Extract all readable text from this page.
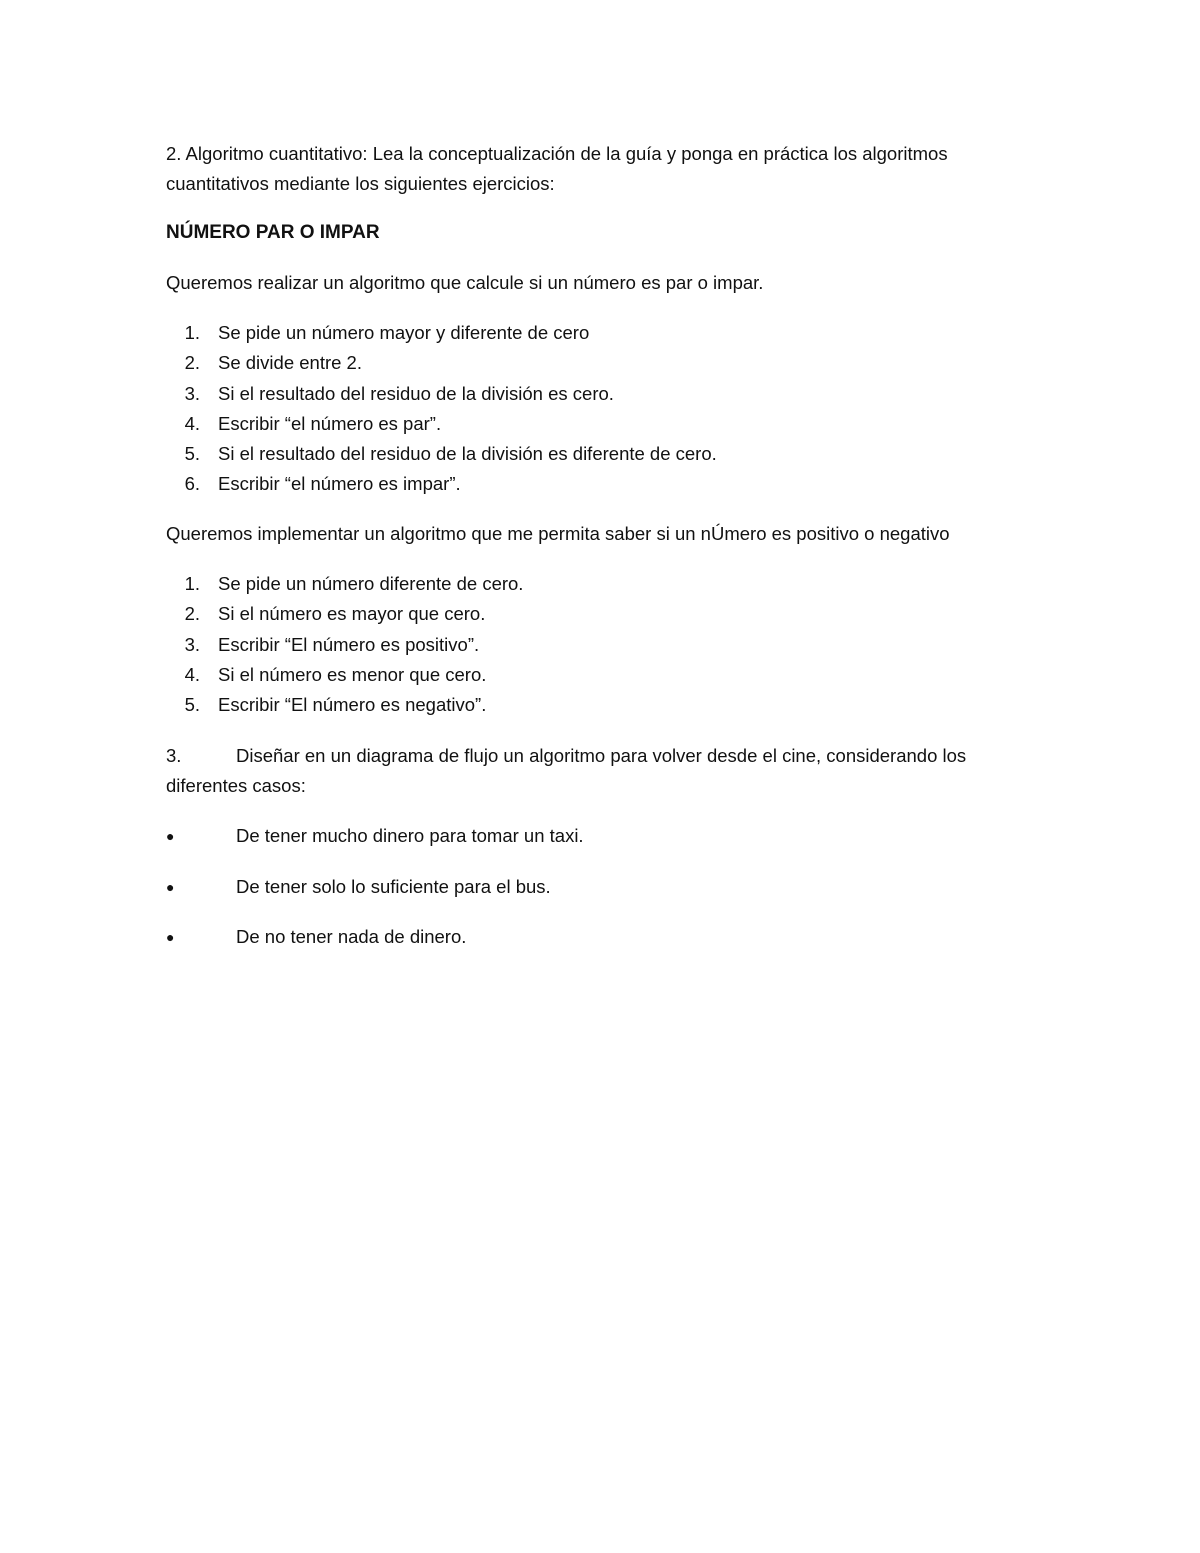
2. Algoritmo cuantitativo: Lea la conceptualización de la guía y ponga en práctica los algoritmos
cuantitativos mediante los siguientes ejercicios:
NÚMERO PAR O IMPAR
Queremos realizar un algoritmo que calcule si un número es par o impar.
1. Se pide un número mayor y diferente de cero
2. Se divide entre 2.
3. Si el resultado del residuo de la división es cero.
4. Escribir “el número es par”.
5. Si el resultado del residuo de la división es diferente de cero.
6. Escribir “el número es impar”.
Queremos implementar un algoritmo que me permita saber si un nÚmero es positivo o negativo
1. Se pide un número diferente de cero.
2. Si el número es mayor que cero.
3. Escribir “El número es positivo”.
4. Si el número es menor que cero.
5. Escribir “El número es negativo”.
3.	Diseñar en un diagrama de flujo un algoritmo para volver desde el cine, considerando los
diferentes casos:
●	De tener mucho dinero para tomar un taxi.
●	De tener solo lo suficiente para el bus.
●	De no tener nada de dinero.
